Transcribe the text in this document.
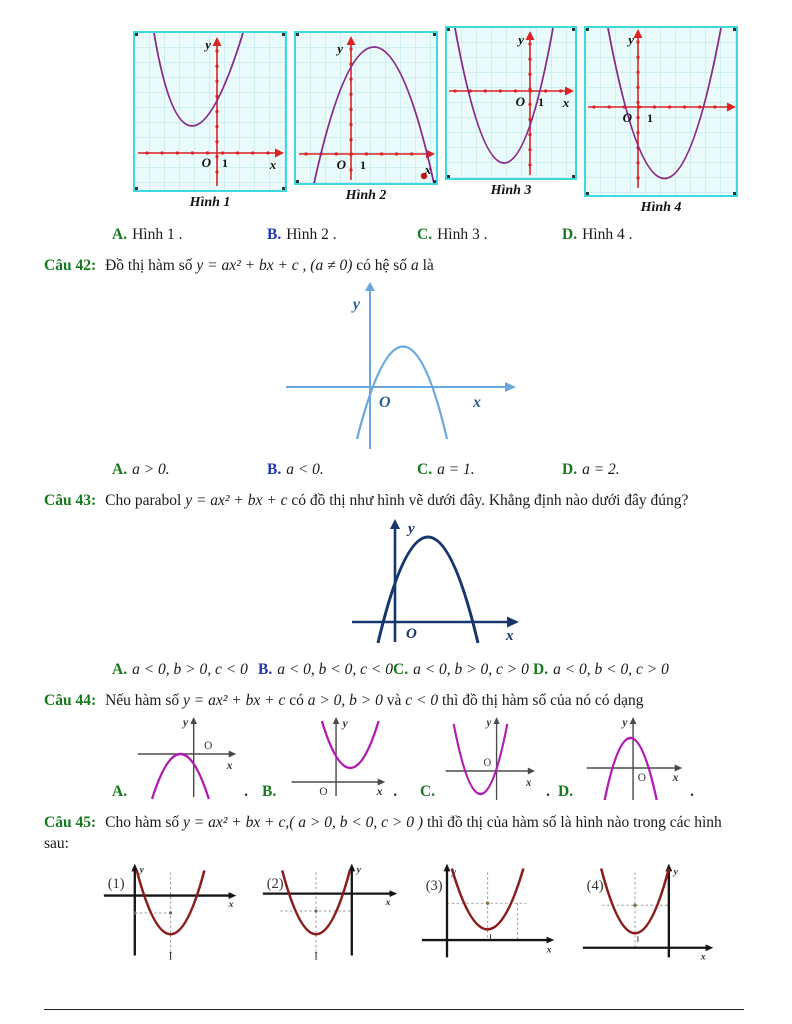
y
O 1	x
Hình 1
y
O 1	x
Hình 2
y
O 1 x
Hình 3
y
O 1
Hình 4
A. Hình 1 .	B. Hình 2 .	C. Hình 3 .	D. Hình 4 .

Câu 42: Đồ thị hàm số y = ax² + bx + c , (a ≠ 0) có hệ số a là

y
x
O
A. a > 0.	B. a < 0.	C. a = 1.	D. a = 2.

Câu 43: Cho parabol y = ax² + bx + c có đồ thị như hình vẽ dưới đây. Khẳng định nào dưới đây đúng?

y
x
O
A. a < 0, b > 0, c < 0 B. a < 0, b < 0, c < 0 C. a < 0, b > 0, c > 0 D. a < 0, b < 0, c > 0

Câu 44: Nếu hàm số y = ax² + bx + c có a > 0, b > 0 và c < 0 thì đồ thị hàm số của nó có dạng

A.
y
O
x
. B.
y
O	x . C.
y
O
x
. D.
y
O x
.

Câu 45: Cho hàm số y = ax² + bx + c,( a > 0, b < 0, c > 0 ) thì đồ thị của hàm số là hình nào trong các hình sau:

(1)
y
x
I
(2)
y
x
I
(3)
y
x
(4)
y
x
